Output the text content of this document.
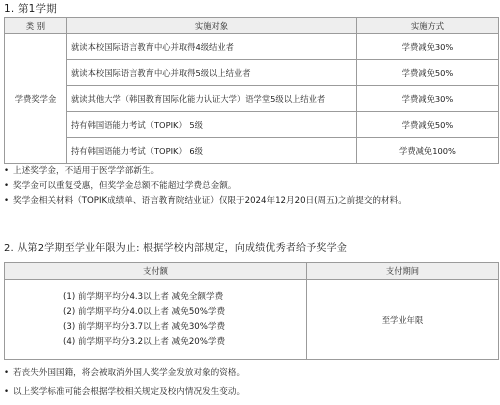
1. 第1学期
类 别	实施对象	实施方式
学费奖学金	就读本校国际语言教育中心并取得4级结业者	学费减免30%
	就读本校国际语言教育中心并取得5级以上结业者	学费减免50%
	就读其他大学（韩国教育国际化能力认证大学）语学堂5级以上结业者	学费减免30%
	持有韩国语能力考试（TOPIK） 5级	学费减免50%
	持有韩国语能力考试（TOPIK） 6级	学费减免100%
• 上述奖学金，不适用于医学学部新生。
• 奖学金可以重复受惠，但奖学金总额不能超过学费总金额。
• 奖学金相关材料（TOPIK成绩单、语言教育院结业证）仅限于2024年12月20日(周五)之前提交的材料。
2. 从第2学期至学业年限为止: 根据学校内部规定，向成绩优秀者给予奖学金
支付额	支付期间

(1) 前学期平均分4.3以上者 减免全额学费
(2) 前学期平均分4.0以上者 减免50%学费
(3) 前学期平均分3.7以上者 减免30%学费
(4) 前学期平均分3.2以上者 减免20%学费	至学业年限
• 若丧失外国国籍，将会被取消外国人奖学金发放对象的资格。
• 以上奖学标准可能会根据学校相关规定及校内情况发生变动。
